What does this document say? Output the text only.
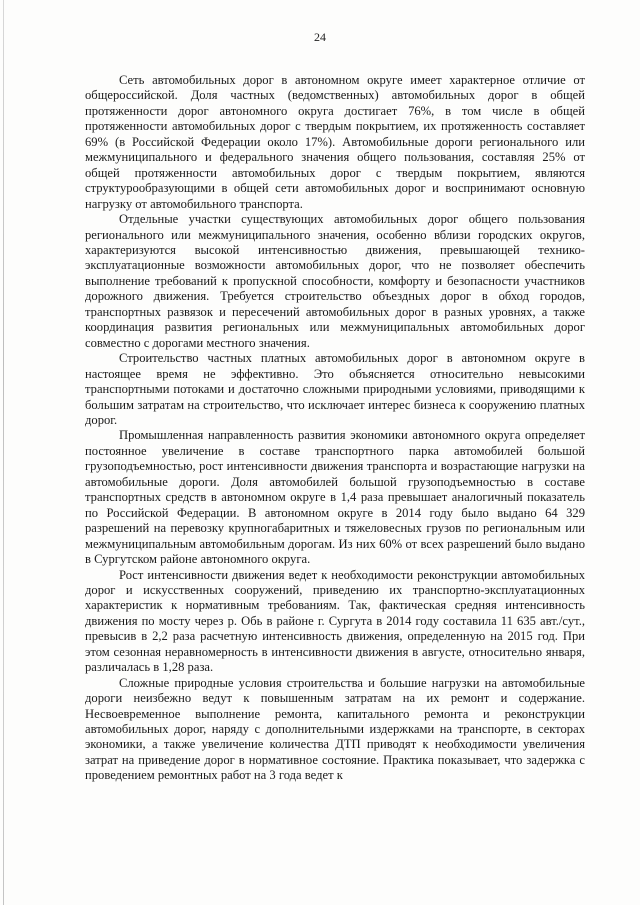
24

Сеть автомобильных дорог в автономном округе имеет характерное отличие от общероссийской. Доля частных (ведомственных) автомобильных дорог в общей протяженности дорог автономного округа достигает 76%, в том числе в общей протяженности автомобильных дорог с твердым покрытием, их протяженность составляет 69% (в Российской Федерации около 17%). Автомобильные дороги регионального или межмуниципального и федерального значения общего пользования, составляя 25% от общей протяженности автомобильных дорог с твердым покрытием, являются структурообразующими в общей сети автомобильных дорог и воспринимают основную нагрузку от автомобильного транспорта.

Отдельные участки существующих автомобильных дорог общего пользования регионального или межмуниципального значения, особенно вблизи городских округов, характеризуются высокой интенсивностью движения, превышающей технико-эксплуатационные возможности автомобильных дорог, что не позволяет обеспечить выполнение требований к пропускной способности, комфорту и безопасности участников дорожного движения. Требуется строительство объездных дорог в обход городов, транспортных развязок и пересечений автомобильных дорог в разных уровнях, а также координация развития региональных или межмуниципальных автомобильных дорог совместно с дорогами местного значения.

Строительство частных платных автомобильных дорог в автономном округе в настоящее время не эффективно. Это объясняется относительно невысокими транспортными потоками и достаточно сложными природными условиями, приводящими к большим затратам на строительство, что исключает интерес бизнеса к сооружению платных дорог.

Промышленная направленность развития экономики автономного округа определяет постоянное увеличение в составе транспортного парка автомобилей большой грузоподъемностью, рост интенсивности движения транспорта и возрастающие нагрузки на автомобильные дороги. Доля автомобилей большой грузоподъемностью в составе транспортных средств в автономном округе в 1,4 раза превышает аналогичный показатель по Российской Федерации. В автономном округе в 2014 году было выдано 64 329 разрешений на перевозку крупногабаритных и тяжеловесных грузов по региональным или межмуниципальным автомобильным дорогам. Из них 60% от всех разрешений было выдано в Сургутском районе автономного округа.

Рост интенсивности движения ведет к необходимости реконструкции автомобильных дорог и искусственных сооружений, приведению их транспортно-эксплуатационных характеристик к нормативным требованиям. Так, фактическая средняя интенсивность движения по мосту через р. Обь в районе г. Сургута в 2014 году составила 11 635 авт./сут., превысив в 2,2 раза расчетную интенсивность движения, определенную на 2015 год. При этом сезонная неравномерность в интенсивности движения в августе, относительно января, различалась в 1,28 раза.

Сложные природные условия строительства и большие нагрузки на автомобильные дороги неизбежно ведут к повышенным затратам на их ремонт и содержание. Несвоевременное выполнение ремонта, капитального ремонта и реконструкции автомобильных дорог, наряду с дополнительными издержками на транспорте, в секторах экономики, а также увеличение количества ДТП приводят к необходимости увеличения затрат на приведение дорог в нормативное состояние. Практика показывает, что задержка с проведением ремонтных работ на 3 года ведет к
